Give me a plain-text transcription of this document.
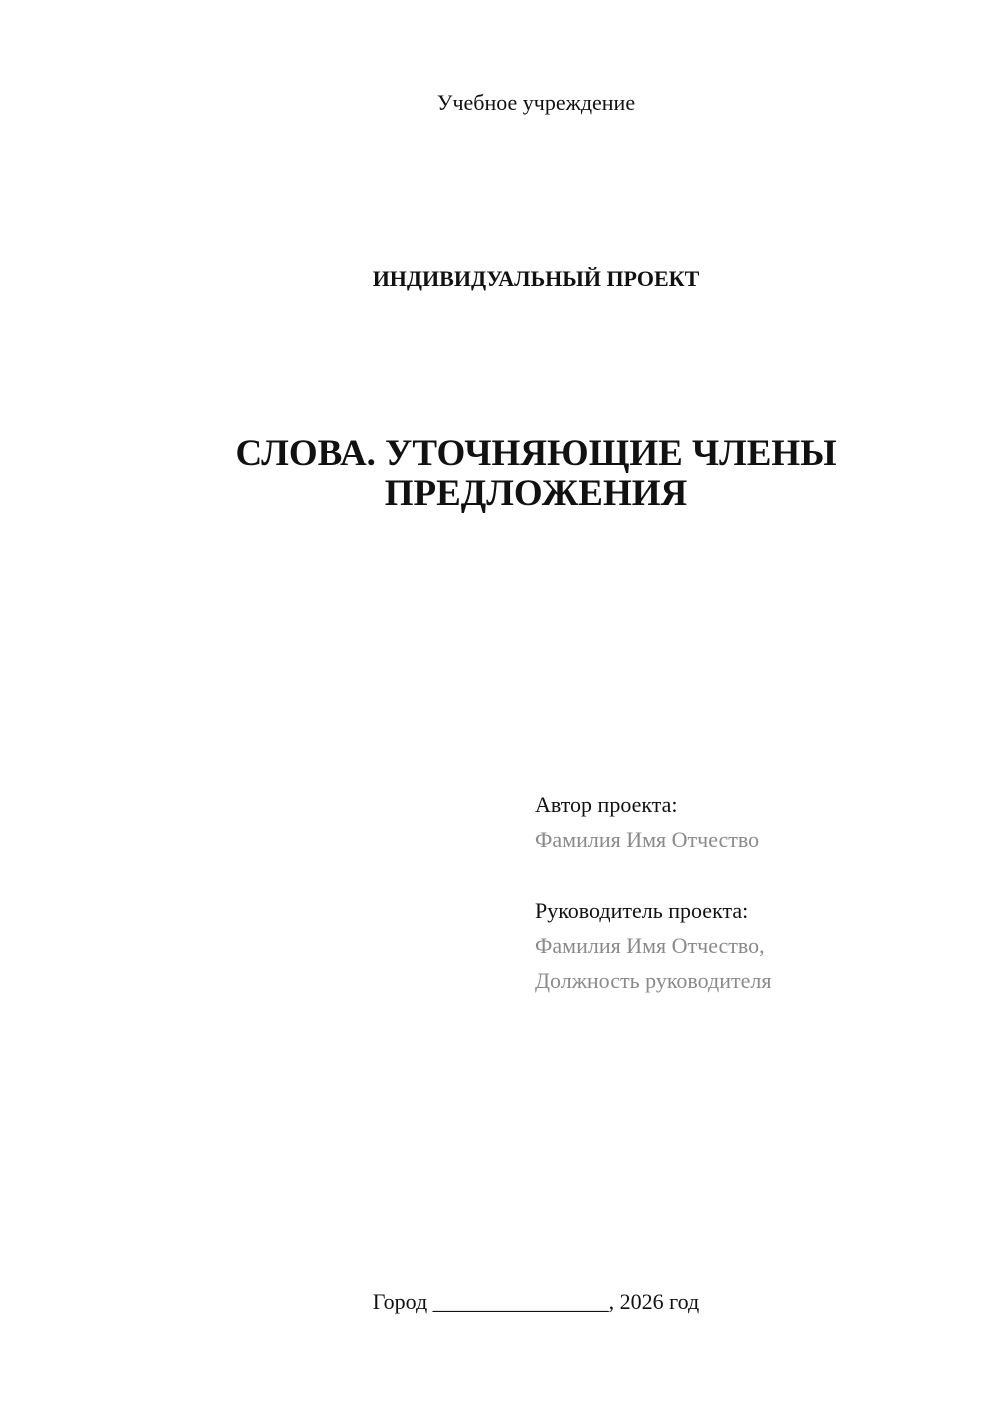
Учебное учреждение
ИНДИВИДУАЛЬНЫЙ ПРОЕКТ
СЛОВА. УТОЧНЯЮЩИЕ ЧЛЕНЫ
ПРЕДЛОЖЕНИЯ
Автор проекта:
Фамилия Имя Отчество
Руководитель проекта:
Фамилия Имя Отчество,
Должность руководителя
Город ________________, 2026 год
